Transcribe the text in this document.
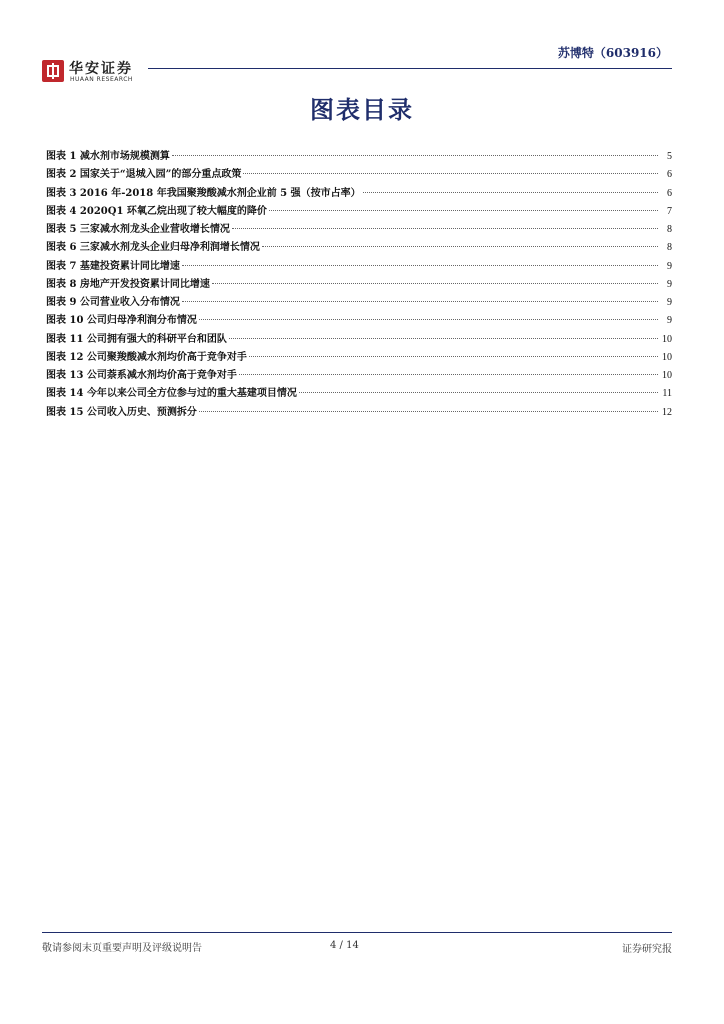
华安证券
HUAAN RESEARCH
苏博特（603916）
图表目录
图表 1 减水剂市场规模测算	5
图表 2 国家关于“退城入园”的部分重点政策	6
图表 3 2016 年-2018 年我国聚羧酸减水剂企业前 5 强（按市占率）	6
图表 4 2020Q1 环氧乙烷出现了较大幅度的降价	7
图表 5 三家减水剂龙头企业营收增长情况	8
图表 6 三家减水剂龙头企业归母净利润增长情况	8
图表 7 基建投资累计同比增速	9
图表 8 房地产开发投资累计同比增速	9
图表 9 公司营业收入分布情况	9
图表 10 公司归母净利润分布情况	9
图表 11 公司拥有强大的科研平台和团队	10
图表 12 公司聚羧酸减水剂均价高于竞争对手	10
图表 13 公司萘系减水剂均价高于竞争对手	10
图表 14 今年以来公司全方位参与过的重大基建项目情况	11
图表 15 公司收入历史、预测拆分	12
敬请参阅末页重要声明及评级说明告	4 / 14	证券研究报
